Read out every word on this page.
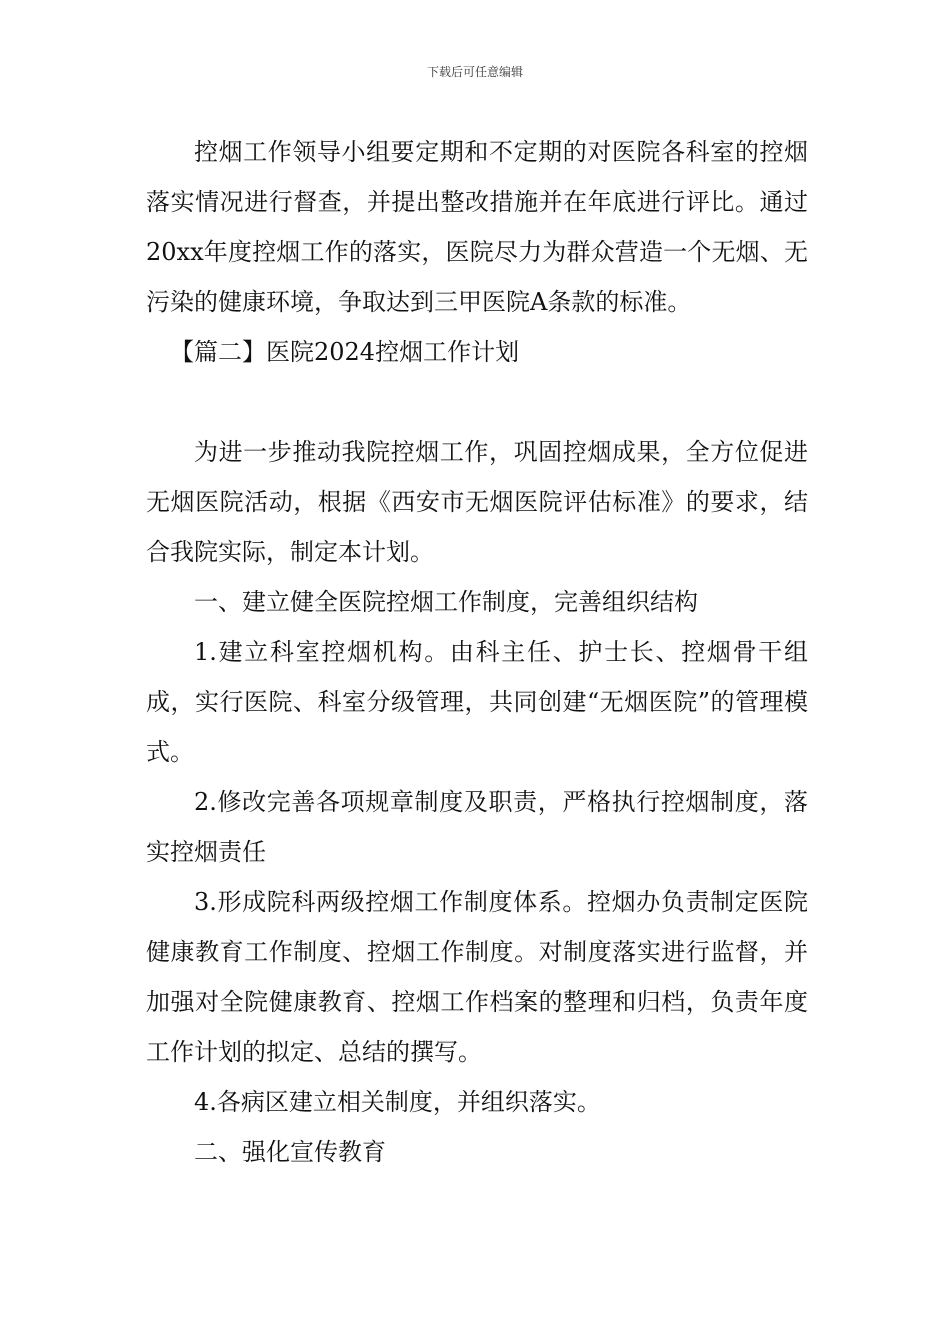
下载后可任意编辑

控烟工作领导小组要定期和不定期的对医院各科室的控烟落实情况进行督查，并提出整改措施并在年底进行评比。通过20xx年度控烟工作的落实，医院尽力为群众营造一个无烟、无污染的健康环境，争取达到三甲医院A条款的标准。

【篇二】医院2024控烟工作计划

为进一步推动我院控烟工作，巩固控烟成果，全方位促进无烟医院活动，根据《西安市无烟医院评估标准》的要求，结合我院实际，制定本计划。

一、建立健全医院控烟工作制度，完善组织结构

1.建立科室控烟机构。由科主任、护士长、控烟骨干组成，实行医院、科室分级管理，共同创建“无烟医院”的管理模式。

2.修改完善各项规章制度及职责，严格执行控烟制度，落实控烟责任

3.形成院科两级控烟工作制度体系。控烟办负责制定医院健康教育工作制度、控烟工作制度。对制度落实进行监督，并加强对全院健康教育、控烟工作档案的整理和归档，负责年度工作计划的拟定、总结的撰写。

4.各病区建立相关制度，并组织落实。

二、强化宣传教育
